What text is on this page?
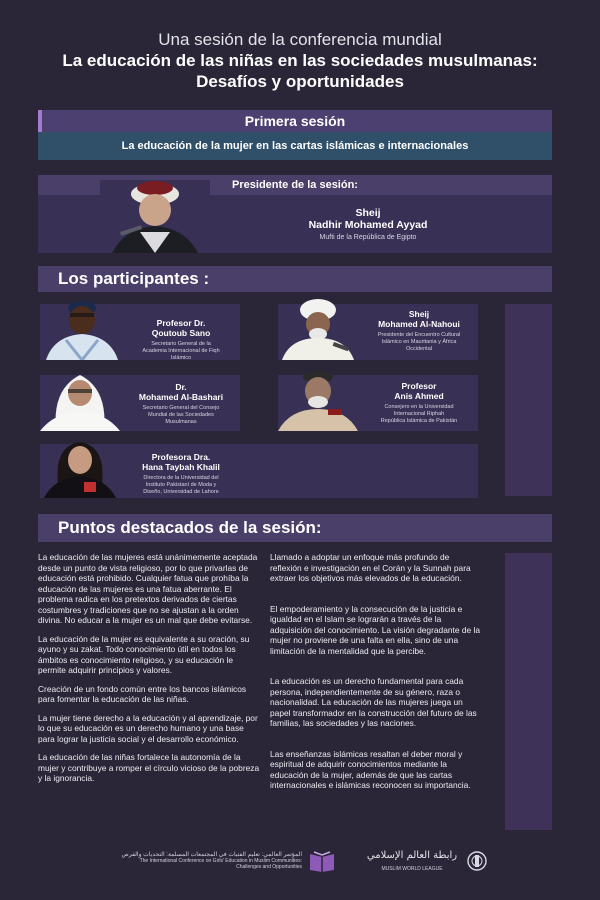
Una sesión de la conferencia mundial
La educación de las niñas en las sociedades musulmanas:
Desafíos y oportunidades
Primera sesión
La educación de la mujer en las cartas islámicas e internacionales
Presidente de la sesión:
Sheij
Nadhir Mohamed Ayyad
Mufti de la República de Egipto
Los participantes :
Profesor Dr.
Qoutoub Sano
Secretario General de la
Academia Internacional de Fiqh
Islámico
Sheij
Mohamed Al-Nahoui
Presidente del Encuentro Cultural
Islámico en Mauritania y África
Occidental
Dr.
Mohamed Al-Bashari
Secretario General del Consejo
Mundial de las Sociedades
Musulmanas
Profesor
Anis Ahmed
Consejero en la Universidad
Internacional Riphah
República Islámica de Pakistán
Profesora Dra.
Hana Taybah Khalil
Directora de la Universidad del
Instituto Pakistaní de Moda y
Diseño, Universidad de Lahore
Puntos destacados de la sesión:

La educación de las mujeres está unánimemente aceptada desde un punto de vista religioso, por lo que privarlas de educación está prohibido. Cualquier fatua que prohíba la educación de las mujeres es una fatua aberrante. El problema radica en los pretextos derivados de ciertas costumbres y tradiciones que no se ajustan a la orden divina. No educar a la mujer es un mal que debe evitarse.

La educación de la mujer es equivalente a su oración, su ayuno y su zakat. Todo conocimiento útil en todos los ámbitos es conocimiento religioso, y su educación le permite adquirir principios y valores.

Creación de un fondo común entre los bancos islámicos para fomentar la educación de las niñas.

La mujer tiene derecho a la educación y al aprendizaje, por lo que su educación es un derecho humano y una base para lograr la justicia social y el desarrollo económico.

La educación de las niñas fortalece la autonomía de la mujer y contribuye a romper el círculo vicioso de la pobreza y la ignorancia.

Llamado a adoptar un enfoque más profundo de reflexión e investigación en el Corán y la Sunnah para extraer los objetivos más elevados de la educación.

El empoderamiento y la consecución de la justicia e igualdad en el Islam se lograrán a través de la adquisición del conocimiento. La visión degradante de la mujer no proviene de una falta en ella, sino de una limitación de la mentalidad que la percibe.

La educación es un derecho fundamental para cada persona, independientemente de su género, raza o nacionalidad. La educación de las mujeres juega un papel transformador en la construcción del futuro de las familias, las sociedades y las naciones.

Las enseñanzas islámicas resaltan el deber moral y espiritual de adquirir conocimientos mediante la educación de la mujer, además de que las cartas internacionales e islámicas reconocen su importancia.

المؤتمر العالمي: تعليم الفتيات في المجتمعات المسلمة: التحديات والفرص
The International Conference on Girls' Education in Muslim Communities:
Challenges and Opportunities
رابطة العالم الإسلامي
MUSLIM WORLD LEAGUE
